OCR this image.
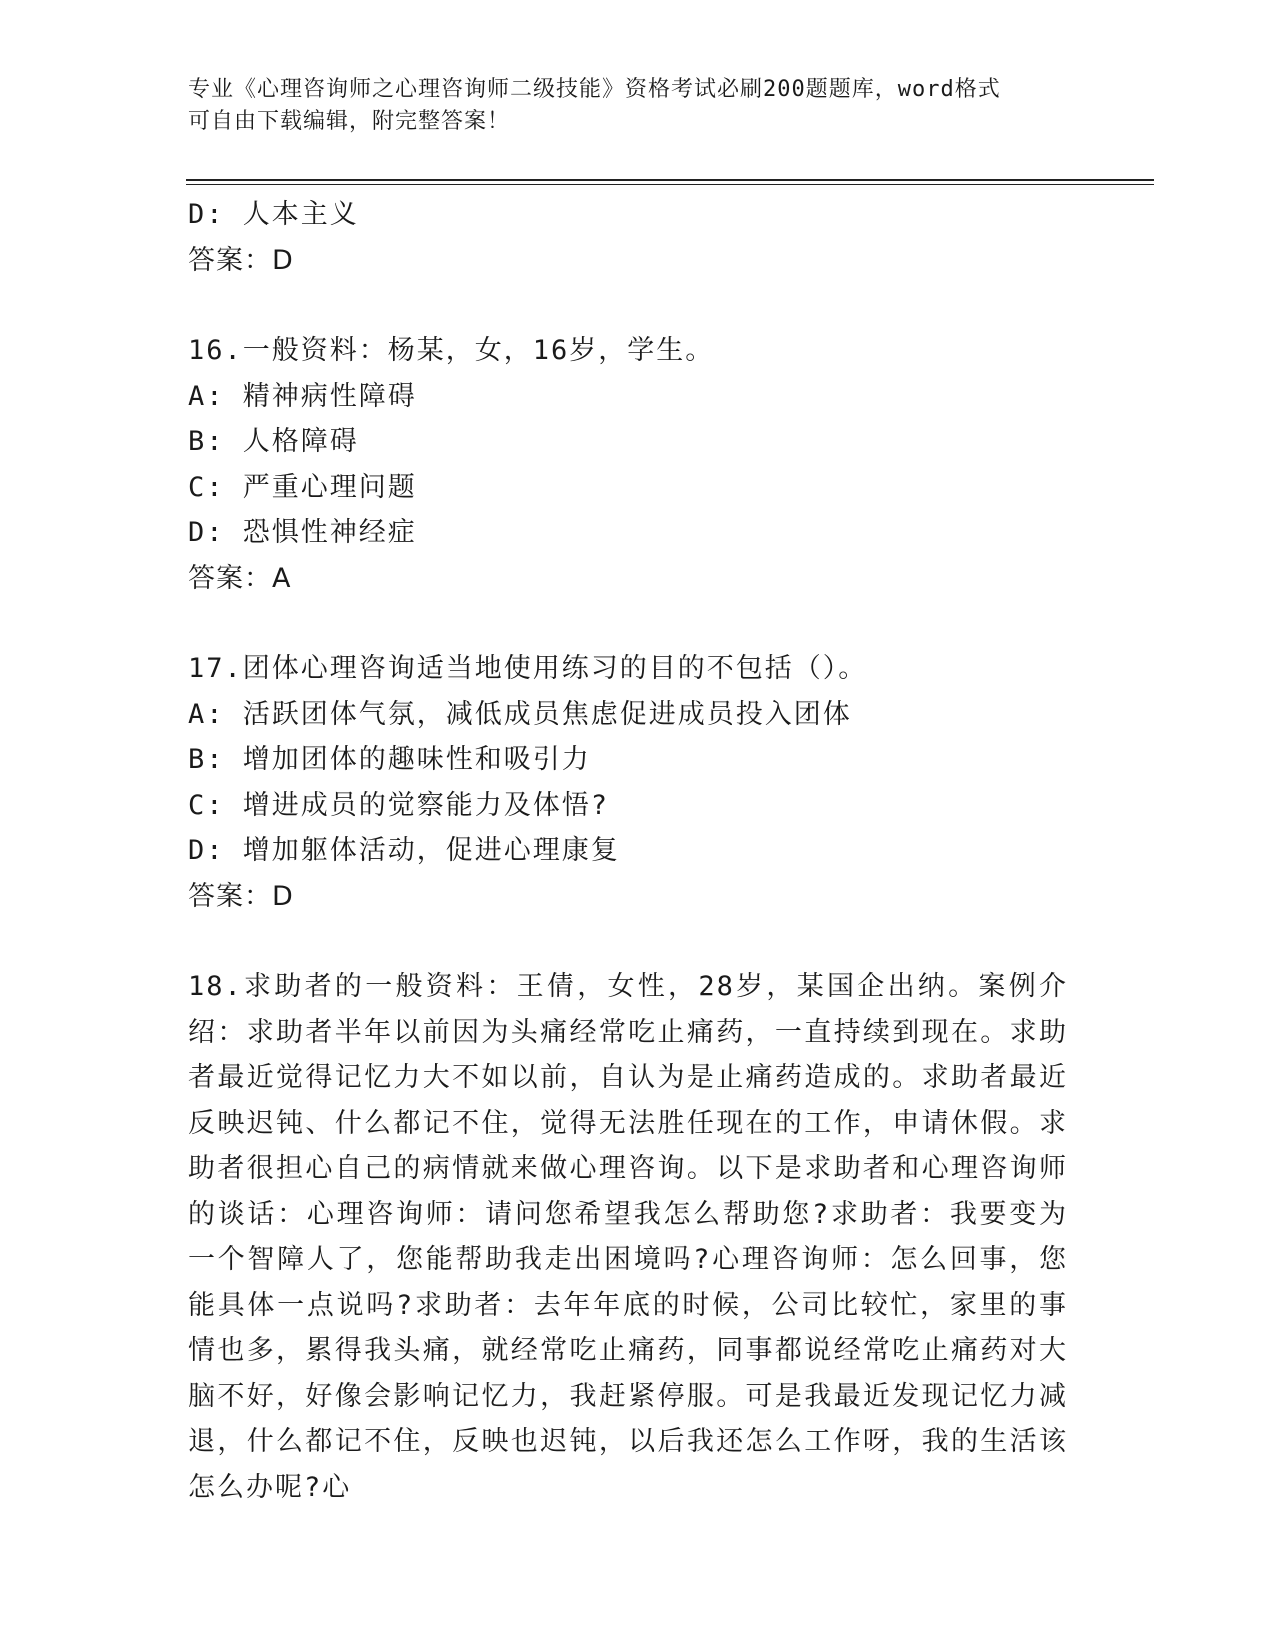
专业《心理咨询师之心理咨询师二级技能》资格考试必刷200题题库，word格式
可自由下载编辑，附完整答案！
D: 人本主义
答案：D
16.一般资料：杨某，女，16岁，学生。
A: 精神病性障碍
B: 人格障碍
C: 严重心理问题
D: 恐惧性神经症
答案：A
17.团体心理咨询适当地使用练习的目的不包括（）。
A: 活跃团体气氛，减低成员焦虑促进成员投入团体
B: 增加团体的趣味性和吸引力
C: 增进成员的觉察能力及体悟?
D: 增加躯体活动，促进心理康复
答案：D
18.求助者的一般资料：王倩，女性，28岁，某国企出纳。案例介绍：求助者半年以前因为头痛经常吃止痛药，一直持续到现在。求助者最近觉得记忆力大不如以前，自认为是止痛药造成的。求助者最近反映迟钝、什么都记不住，觉得无法胜任现在的工作，申请休假。求助者很担心自己的病情就来做心理咨询。以下是求助者和心理咨询师的谈话：心理咨询师：请问您希望我怎么帮助您?求助者：我要变为一个智障人了，您能帮助我走出困境吗?心理咨询师：怎么回事，您能具体一点说吗?求助者：去年年底的时候，公司比较忙，家里的事情也多，累得我头痛，就经常吃止痛药，同事都说经常吃止痛药对大脑不好，好像会影响记忆力，我赶紧停服。可是我最近发现记忆力减退，什么都记不住，反映也迟钝，以后我还怎么工作呀，我的生活该怎么办呢?心
